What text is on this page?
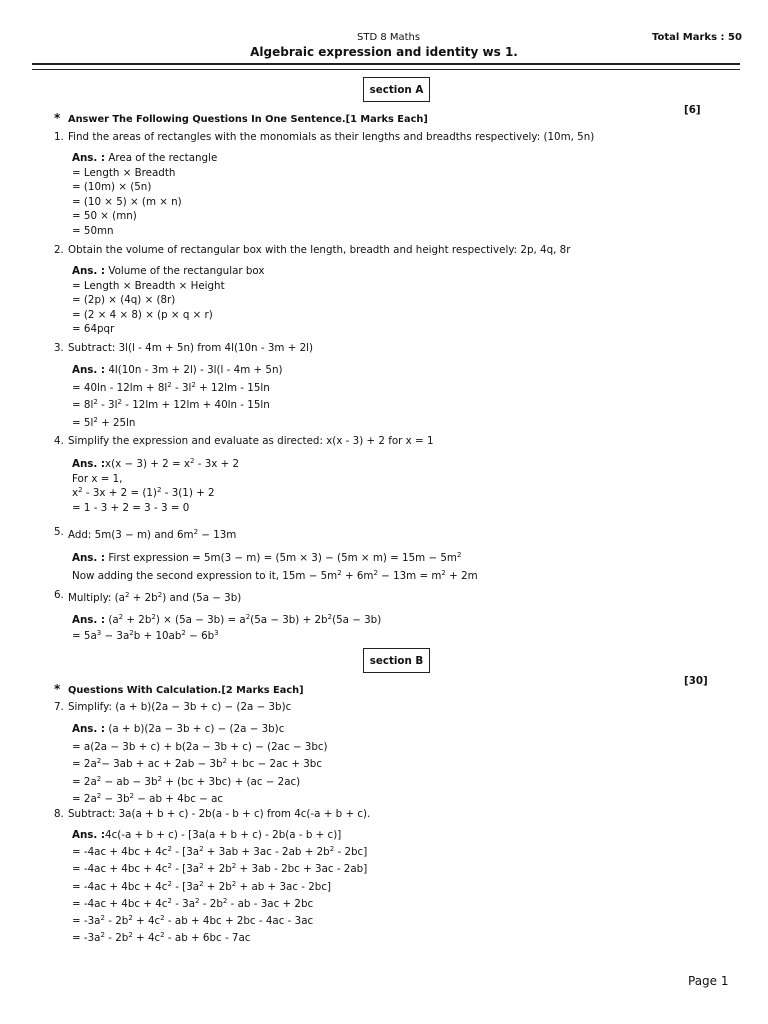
STD 8 Maths	Total Marks : 50
Algebraic expression and identity ws 1.
section A
* Answer The Following Questions In One Sentence.[1 Marks Each]
[6]
1. Find the areas of rectangles with the monomials as their lengths and breadths respectively: (10m, 5n)
Ans. : Area of the rectangle
= Length × Breadth
= (10m) × (5n)
= (10 × 5) × (m × n)
= 50 × (mn)
= 50mn
2. Obtain the volume of rectangular box with the length, breadth and height respectively: 2p, 4q, 8r
Ans. : Volume of the rectangular box
= Length × Breadth × Height
= (2p) × (4q) × (8r)
= (2 × 4 × 8) × (p × q × r)
= 64pqr
3. Subtract: 3l(l - 4m + 5n) from 4l(10n - 3m + 2l)
Ans. : 4l(10n - 3m + 2l) - 3l(l - 4m + 5n)
= $40\ln - 12lm + 8l^2 - 3l^2 + 12lm - 15\ln$
= $8l^2 - 3l^2 - 12lm + 12lm + 40\ln - 15\ln$
= $5l^2 + 25\ln$
4. Simplify the expression and evaluate as directed: x(x - 3) + 2 for x = 1
Ans. :x(x − $3) + 2 = x^2 - 3x + 2$
For x = 1,
$x^2 - 3x + 2 = (1)^2 - 3(1) + 2$
= 1 - 3 + 2 = 3 - 3 = 0
5. Add: 5m(3 − m) and $6m^2 - 13m$
Ans. : First expression = $5m(3 - m) = (5m \times 3) - (5m \times m) = 15m - 5m^2$
Now adding the second expression to it, $15m - 5m^2 + 6m^2 - 13m = m^2 + 2m$
6. Multiply: $(a^2 + 2b^2)$ and (5a − 3b)
Ans. : $(a^2 + 2b^2) \times (5a - 3b) = a^2(5a - 3b) + 2b^2(5a - 3b)$
= $5a^3 - 3a^2b + 10ab^2 - 6b^3$
section B
* Questions With Calculation.[2 Marks Each]
[30]
7. Simplify: (a + b)(2a − 3b + c) − (2a − 3b)c
Ans. : (a + b)(2a − 3b + c) − (2a − 3b)c
= a(2a − 3b + c) + b(2a − 3b + c) − (2ac − 3bc)
= $2a^2- 3ab$ + ac + $2ab - 3b^2$ + bc − 2ac + 3bc
= $2a^2$ − ab − $3b^2 + (bc + 3bc) + (ac - 2ac)$
= $2a^2 - 3b^2$ − ab + 4bc − ac
8. Subtract: 3a(a + b + c) - 2b(a - b + c) from 4c(-a + b + c).
Ans. :4c(-a + b + c) - [3a(a + b + c) - 2b(a - b + c)]
= $-4ac + 4bc + 4c^2 - [3a^2 + 3ab + 3ac - 2ab + 2b^2 - 2bc]$
= $-4ac + 4bc + 4c^2 - [3a^2 + 2b^2 + 3ab - 2bc + 3ac - 2ab]$
= $-4ac + 4bc + 4c^2 - [3a^2 + 2b^2$ + ab + 3ac - 2bc]
= $-4ac + 4bc + 4c^2 - 3a^2 - 2b^2$ - ab - 3ac + 2bc
= $-3a^2 - 2b^2 + 4c^2$ - ab + 4bc + 2bc - 4ac - 3ac
= $-3a^2 - 2b^2 + 4c^2$ - ab + 6bc - 7ac
Page 1
